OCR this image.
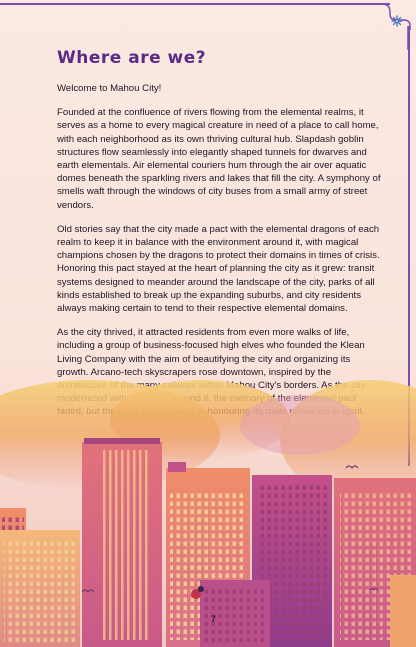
Where are we?

Welcome to Mahou City!

Founded at the confluence of rivers flowing from the elemental realms, it serves as a home to every magical creature in need of a place to call home, with each neighborhood as its own thriving cultural hub. Slapdash goblin structures flow seamlessly into elegantly shaped tunnels for dwarves and earth elementals. Air elemental couriers hum through the air over aquatic domes beneath the sparkling rivers and lakes that fill the city. A symphony of smells waft through the windows of city buses from a small army of street vendors.

Old stories say that the city made a pact with the elemental dragons of each realm to keep it in balance with the environment around it, with magical champions chosen by the dragons to protect their domains in times of crisis. Honoring this pact stayed at the heart of planning the city as it grew: transit systems designed to meander around the landscape of the city, parks of all kinds established to break up the expanding suburbs, and city residents always making certain to tend to their respective elemental domains.

As the city thrived, it attracted residents from even more walks of life, including a group of business-focused high elves who founded the Klean Living Company with the aim of beautifying the city and organizing its growth. Arcano-tech skyscrapers rose downtown, inspired by the many City's borders. As

7
